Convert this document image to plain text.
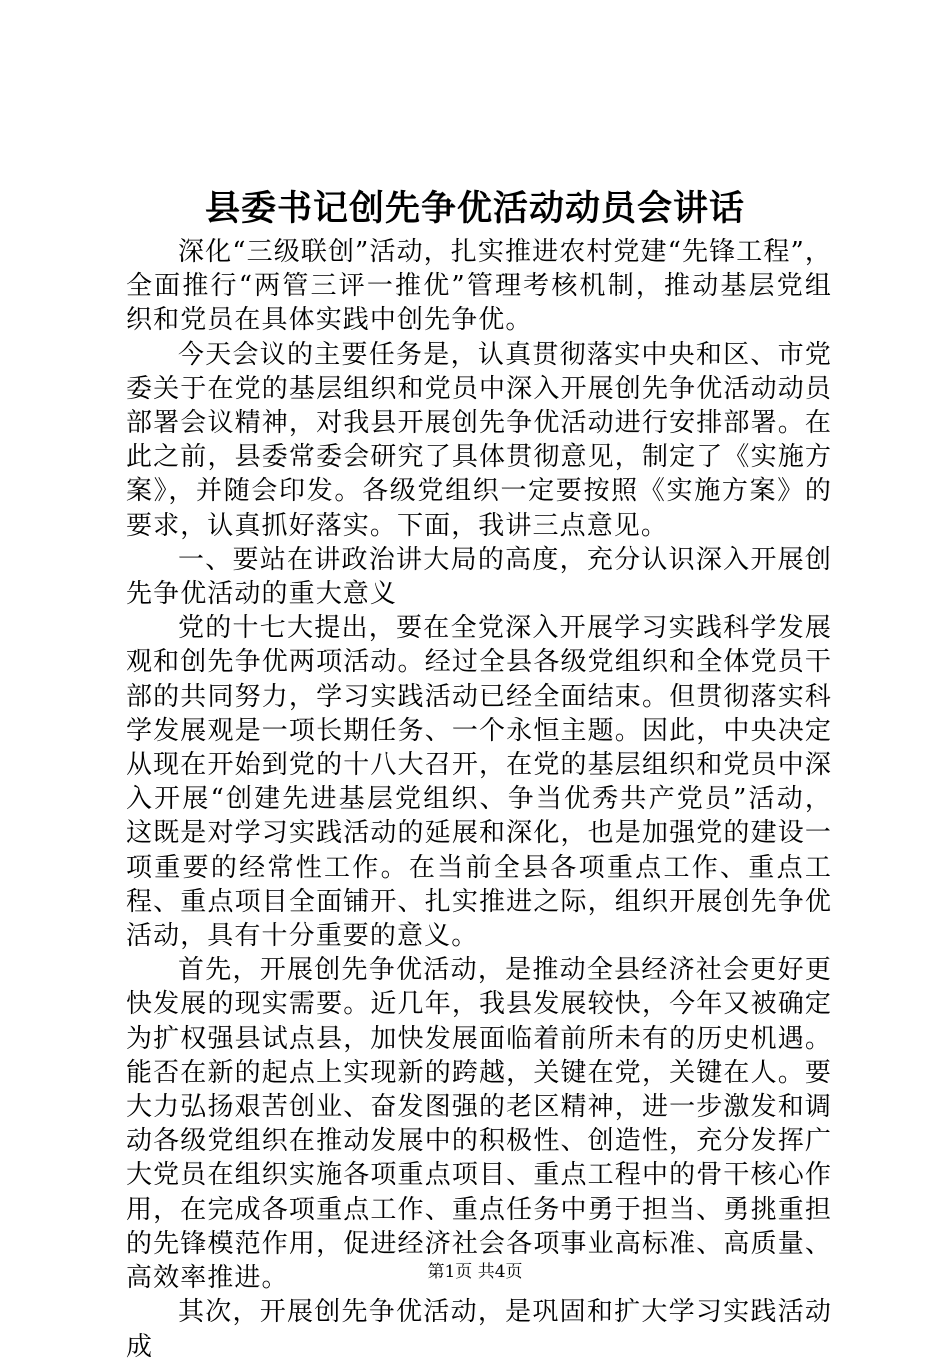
县委书记创先争优活动动员会讲话

深化“三级联创”活动，扎实推进农村党建“先锋工程”，全面推行“两管三评一推优”管理考核机制，推动基层党组织和党员在具体实践中创先争优。

今天会议的主要任务是，认真贯彻落实中央和区、市党委关于在党的基层组织和党员中深入开展创先争优活动动员部署会议精神，对我县开展创先争优活动进行安排部署。在此之前，县委常委会研究了具体贯彻意见，制定了《实施方案》，并随会印发。各级党组织一定要按照《实施方案》的要求，认真抓好落实。下面，我讲三点意见。

一、要站在讲政治讲大局的高度，充分认识深入开展创先争优活动的重大意义

党的十七大提出，要在全党深入开展学习实践科学发展观和创先争优两项活动。经过全县各级党组织和全体党员干部的共同努力，学习实践活动已经全面结束。但贯彻落实科学发展观是一项长期任务、一个永恒主题。因此，中央决定从现在开始到党的十八大召开，在党的基层组织和党员中深入开展“创建先进基层党组织、争当优秀共产党员”活动，这既是对学习实践活动的延展和深化，也是加强党的建设一项重要的经常性工作。在当前全县各项重点工作、重点工程、重点项目全面铺开、扎实推进之际，组织开展创先争优活动，具有十分重要的意义。

首先，开展创先争优活动，是推动全县经济社会更好更快发展的现实需要。近几年，我县发展较快，今年又被确定为扩权强县试点县，加快发展面临着前所未有的历史机遇。能否在新的起点上实现新的跨越，关键在党，关键在人。要大力弘扬艰苦创业、奋发图强的老区精神，进一步激发和调动各级党组织在推动发展中的积极性、创造性，充分发挥广大党员在组织实施各项重点项目、重点工程中的骨干核心作用，在完成各项重点工作、重点任务中勇于担当、勇挑重担的先锋模范作用，促进经济社会各项事业高标准、高质量、高效率推进。

其次，开展创先争优活动，是巩固和扩大学习实践活动成

第1页 共4页
